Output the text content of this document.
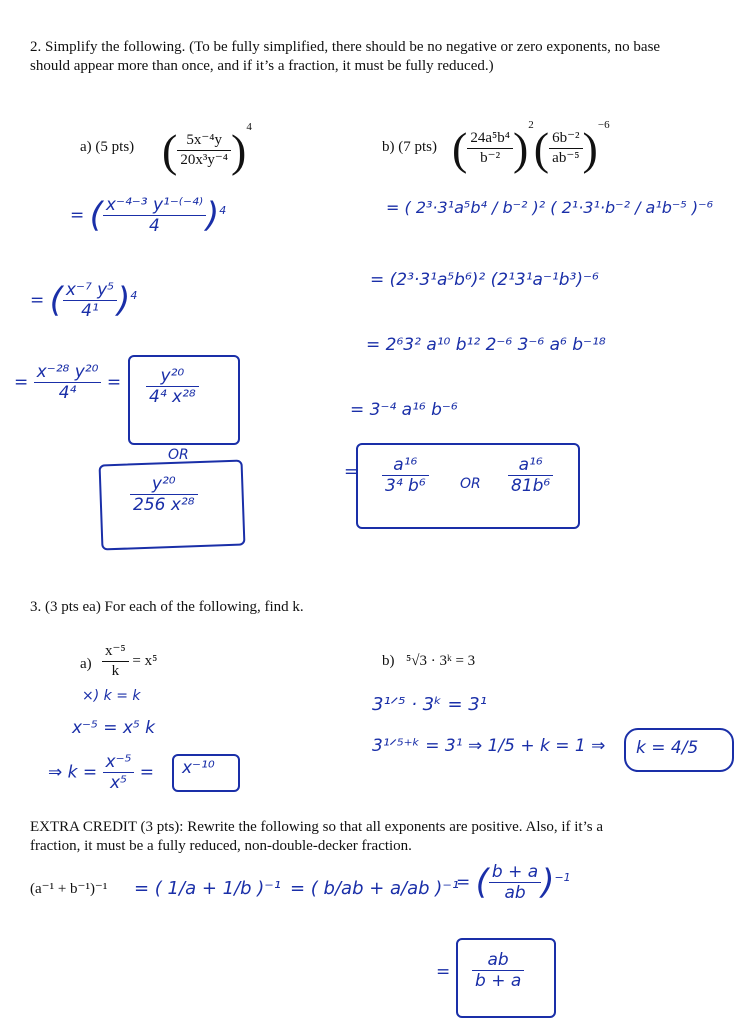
2. Simplify the following. (To be fully simplified, there should be no negative or zero exponents, no base should appear more than once, and if it’s a fraction, it must be fully reduced.)
a) (5 pts) ( $\frac{\text{5x⁻⁴y}}{\text{20x³y⁻⁴}} )^4$
b) (7 pts) ( $\frac{\text{24a⁵b⁴}}{\text{b⁻²}} )^2( \frac{\text{6b⁻²}}{\text{ab⁻⁵}} )^{-6}$
= ( $\frac{\text{x⁻⁴⁻³ y¹⁻⁽⁻⁴⁾}}{4} )^4$
= ( $\frac{\text{x⁻⁷ y⁵}}{\text{4¹}} )^4$
= $\frac{\text{x⁻²⁸ y²⁰}}{\text{4⁴}} = \frac{\text{y²⁰}}{\text{4⁴ x²⁸}}$
OR
$\frac{\text{y²⁰}}{\text{256 x²⁸}}$
= ( 2³·3¹a⁵b⁴ / b⁻² )² ( 2¹·3¹·b⁻² / a¹b⁻⁵ )⁻⁶
= (2³·3¹a⁵b⁶)² (2¹3¹a⁻¹b³)⁻⁶
= 2⁶3² a¹⁰ b¹² 2⁻⁶ 3⁻⁶ a⁶ b⁻¹⁸
= 3⁻⁴ a¹⁶ b⁻⁶
= $\frac{\text{a¹⁶}}{\text{3⁴ b⁶}}$ OR $\frac{\text{a¹⁶}}{\text{81b⁶}}$
3. (3 pts ea) For each of the following, find k.
$a) \frac{\text{x⁻⁵}}{k} = x^5$	b) ⁵√3 · 3ᵏ = 3
×) k = k
x⁻⁵ = x⁵ k
⇒ $k = \frac{\text{x⁻⁵}}{\text{x⁵}} = x^{-10}$
3¹ᐟ⁵ · 3ᵏ = 3¹
3¹ᐟ⁵⁺ᵏ = 3¹ ⇒ 1/5 + k = 1 ⇒ k = 4/5
EXTRA CREDIT (3 pts): Rewrite the following so that all exponents are positive. Also, if it’s a fraction, it must be a fully reduced, non-double-decker fraction.
(a⁻¹ + b⁻¹)⁻¹ = ( 1/a + 1/b )⁻¹ = ( b/ab + a/ab )⁻¹
= ( $\frac{b + a}{ab} )^{-1}$
= $\frac{ab}{b + a}$
